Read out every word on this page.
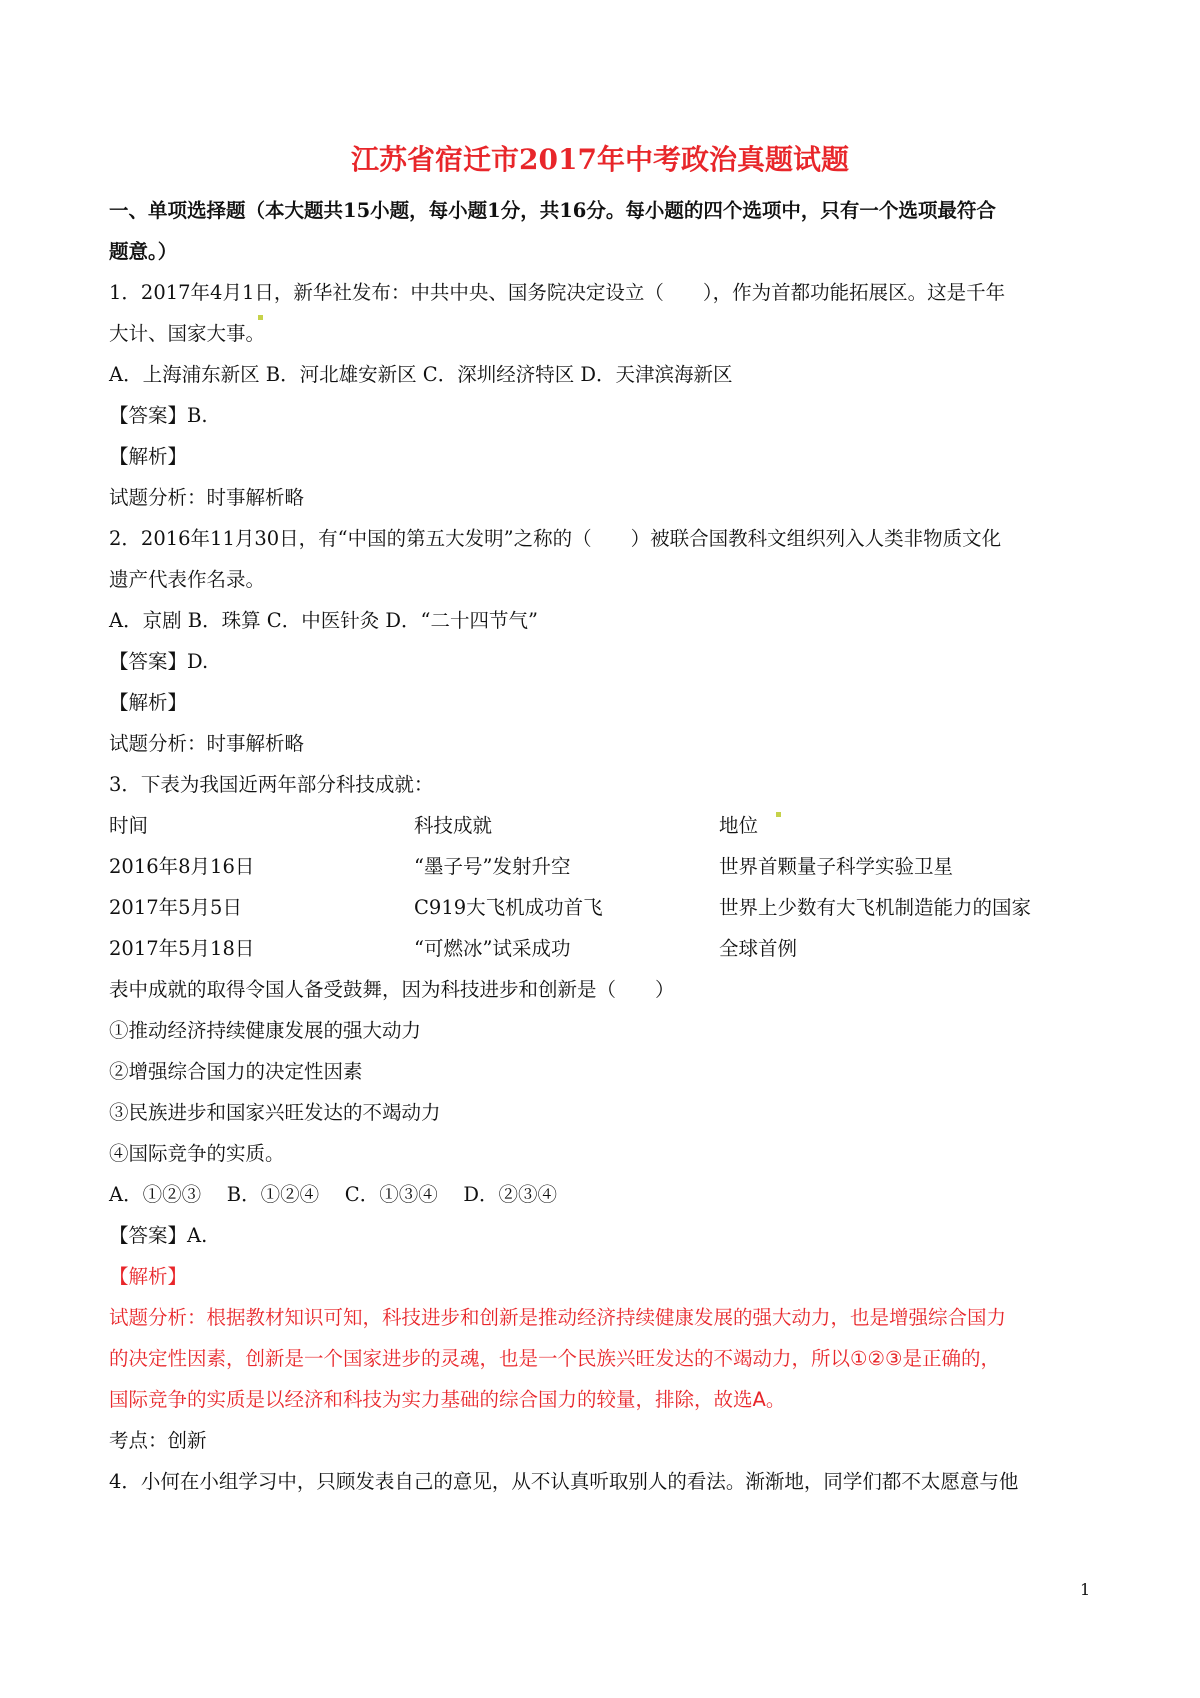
江苏省宿迁市2017年中考政治真题试题

一、单项选择题（本大题共15小题，每小题1分，共16分。每小题的四个选项中，只有一个选项最符合

题意。）

1．2017年4月1日，新华社发布：中共中央、国务院决定设立（　　），作为首都功能拓展区。这是千年

大计、国家大事。

A．上海浦东新区 B．河北雄安新区 C．深圳经济特区 D．天津滨海新区

【答案】B.

【解析】

试题分析：时事解析略

2．2016年11月30日，有“中国的第五大发明”之称的（　　）被联合国教科文组织列入人类非物质文化

遗产代表作名录。

A．京剧 B．珠算 C．中医针灸 D．“二十四节气”

【答案】D.

【解析】

试题分析：时事解析略

3．下表为我国近两年部分科技成就：

时间	科技成就	地位
2016年8月16日	“墨子号”发射升空	世界首颗量子科学实验卫星
2017年5月5日	C919大飞机成功首飞	世界上少数有大飞机制造能力的国家
2017年5月18日	“可燃冰”试采成功	全球首例

表中成就的取得令国人备受鼓舞，因为科技进步和创新是（　　）

①推动经济持续健康发展的强大动力

②增强综合国力的决定性因素

③民族进步和国家兴旺发达的不竭动力

④国际竞争的实质。

A．①②③　 B．①②④　 C．①③④　 D．②③④

【答案】A.

【解析】

试题分析：根据教材知识可知，科技进步和创新是推动经济持续健康发展的强大动力，也是增强综合国力

的决定性因素，创新是一个国家进步的灵魂，也是一个民族兴旺发达的不竭动力，所以①②③是正确的，

国际竞争的实质是以经济和科技为实力基础的综合国力的较量，排除，故选A。

考点：创新

4．小何在小组学习中，只顾发表自己的意见，从不认真听取别人的看法。渐渐地，同学们都不太愿意与他

1
